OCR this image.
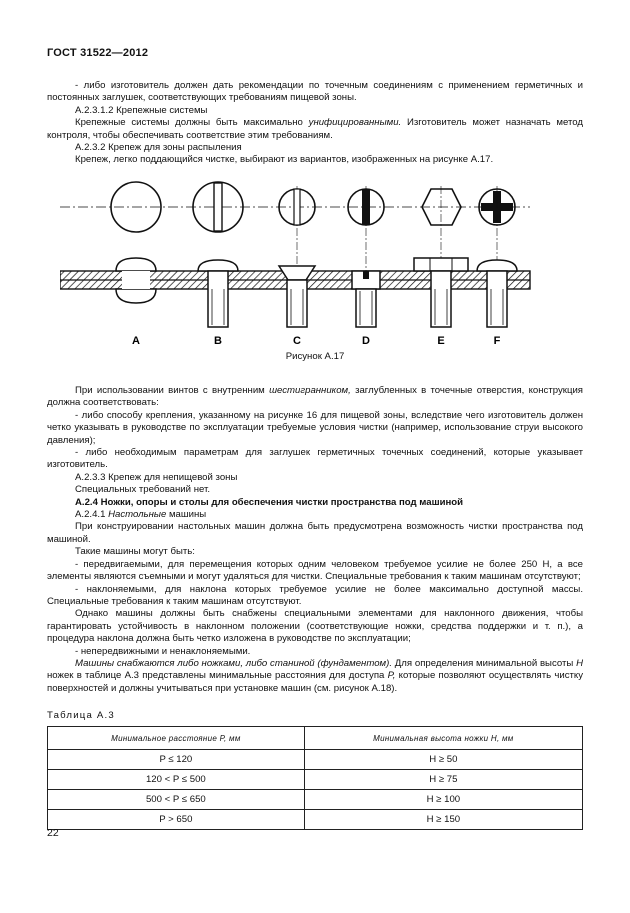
ГОСТ 31522—2012

- либо изготовитель должен дать рекомендации по точечным соединениям с применением герметичных и постоянных заглушек, соответствующих требованиям пищевой зоны.

А.2.3.1.2 Крепежные системы

Крепежные системы должны быть максимально унифицированными. Изготовитель может назначать метод контроля, чтобы обеспечивать соответствие этим требованиям.

А.2.3.2 Крепеж для зоны распыления

Крепеж, легко поддающийся чистке, выбирают из вариантов, изображенных на рисунке А.17.

A	B	C	D	E	F
Рисунок А.17

При использовании винтов с внутренним шестигранником, заглубленных в точечные отверстия, конструкция должна соответствовать:

- либо способу крепления, указанному на рисунке 16 для пищевой зоны, вследствие чего изготовитель должен четко указывать в руководстве по эксплуатации требуемые условия чистки (например, использование струи высокого давления);

- либо необходимым параметрам для заглушек герметичных точечных соединений, которые указывает изготовитель.

А.2.3.3 Крепеж для непищевой зоны

Специальных требований нет.

А.2.4 Ножки, опоры и столы для обеспечения чистки пространства под машиной

А.2.4.1 Настольные машины

При конструировании настольных машин должна быть предусмотрена возможность чистки пространства под машиной.

Такие машины могут быть:

- передвигаемыми, для перемещения которых одним человеком требуемое усилие не более 250 Н, а все элементы являются съемными и могут удаляться для чистки. Специальные требования к таким машинам отсутствуют;

- наклоняемыми, для наклона которых требуемое усилие не более максимально доступной массы. Специальные требования к таким машинам отсутствуют.

Однако машины должны быть снабжены специальными элементами для наклонного движения, чтобы гарантировать устойчивость в наклонном положении (соответствующие ножки, средства поддержки и т. п.), а процедура наклона должна быть четко изложена в руководстве по эксплуатации;

- непередвижными и ненаклоняемыми.

Машины снабжаются либо ножками, либо станиной (фундаментом). Для определения минимальной высоты H ножек в таблице А.3 представлены минимальные расстояния для доступа P, которые позволяют осуществлять чистку поверхностей и должны учитываться при установке машин (см. рисунок А.18).

Таблица А.3
Минимальное расстояние Р, мм	Минимальная высота ножки Н, мм
P ≤ 120	H ≥ 50
120 < P ≤ 500	H ≥ 75
500 < P ≤ 650	H ≥ 100
P > 650	H ≥ 150
22
